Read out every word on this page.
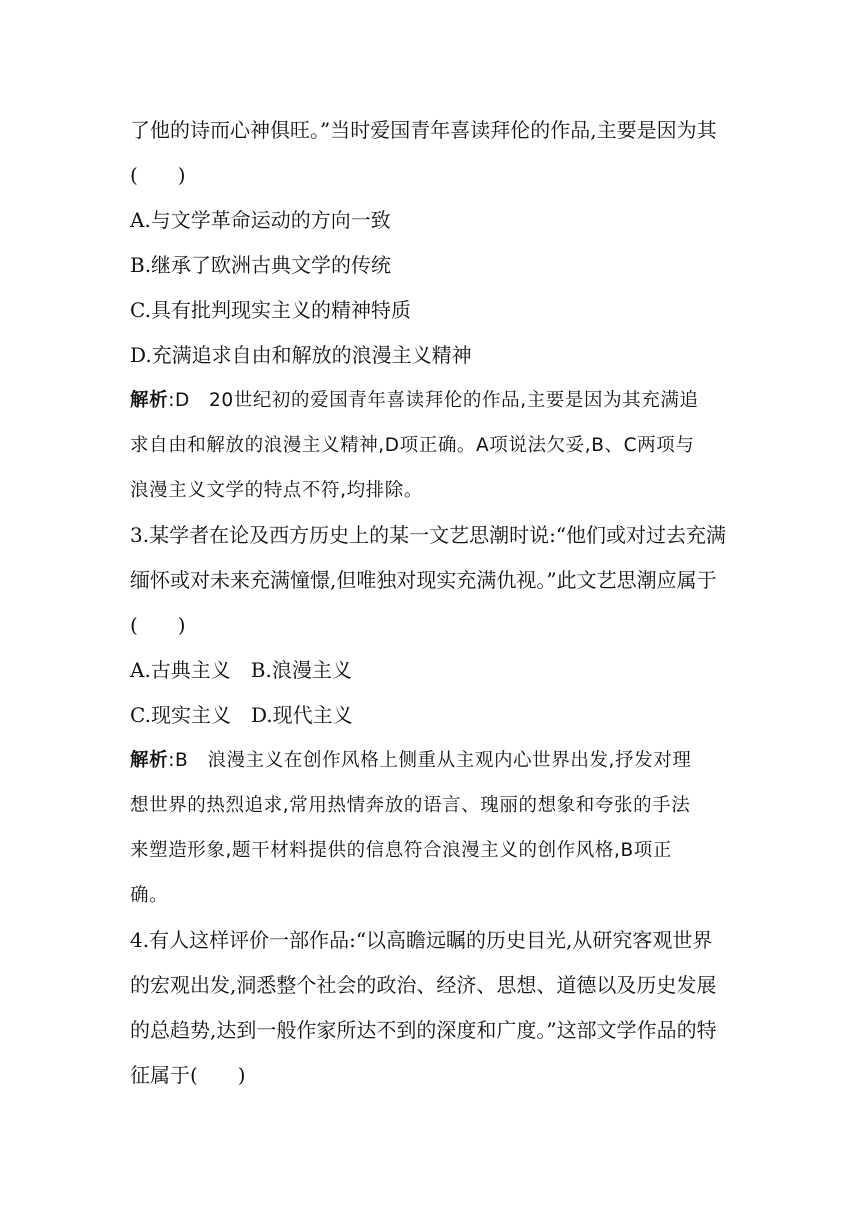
了他的诗而心神俱旺。”当时爱国青年喜读拜伦的作品,主要是因为其
(　　)
A.与文学革命运动的方向一致
B.继承了欧洲古典文学的传统
C.具有批判现实主义的精神特质
D.充满追求自由和解放的浪漫主义精神
解析:D　20世纪初的爱国青年喜读拜伦的作品,主要是因为其充满追
求自由和解放的浪漫主义精神,D项正确。A项说法欠妥,B、C两项与
浪漫主义文学的特点不符,均排除。
3.某学者在论及西方历史上的某一文艺思潮时说:“他们或对过去充满
缅怀或对未来充满憧憬,但唯独对现实充满仇视。”此文艺思潮应属于
(　　)
A.古典主义　B.浪漫主义
C.现实主义　D.现代主义
解析:B　浪漫主义在创作风格上侧重从主观内心世界出发,抒发对理
想世界的热烈追求,常用热情奔放的语言、瑰丽的想象和夸张的手法
来塑造形象,题干材料提供的信息符合浪漫主义的创作风格,B项正
确。
4.有人这样评价一部作品:“以高瞻远瞩的历史目光,从研究客观世界
的宏观出发,洞悉整个社会的政治、经济、思想、道德以及历史发展
的总趋势,达到一般作家所达不到的深度和广度。”这部文学作品的特
征属于(　　)
